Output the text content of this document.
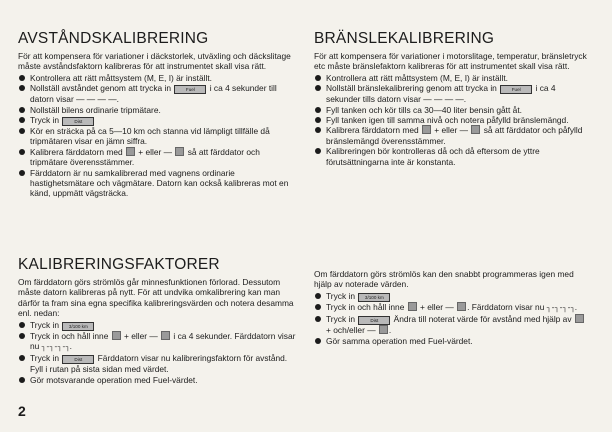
AVSTÅNDSKALIBRERING

För att kompensera för variationer i däckstorlek, utväxling och däckslitage måste avståndsfaktorn kalibreras för att instrumentet skall visa rätt.

Kontrollera att rätt måttsystem (M, E, I) är inställt.
Nollställ avståndet genom att trycka in	Fuel i ca 4 sekunder till datorn visar — — — —.
Nollställ bilens ordinarie tripmätare.
Tryck in	Dist
Kör en sträcka på ca 5—10 km och stanna vid lämpligt tillfälle då tripmätaren visar en jämn siffra.
Kalibrera färddatorn med + eller — så att färddator och tripmätare överensstämmer.
Färddatorn är nu samkalibrerad med vagnens ordinarie hastighetsmätare och vägmätare. Datorn kan också kalibreras mot en känd, uppmätt vägsträcka.
BRÄNSLEKALIBRERING

För att kompensera för variationer i motorslitage, temperatur, bränsletryck etc måste bränslefaktorn kalibreras för att instrumentet skall visa rätt.

Kontrollera att rätt måttsystem (M, E, I) är inställt.
Nollställ bränslekalibrering genom att trycka in	Fuel i ca 4 sekunder tills datorn visar — — — —.
Fyll tanken och kör tills ca 30—40 liter bensin gått åt.
Fyll tanken igen till samma nivå och notera påfylld bränslemängd.
Kalibrera färddatorn med + eller — så att färddator och påfylld bränslemängd överensstämmer.
Kalibreringen bör kontrolleras då och då eftersom de yttre förutsättningarna inte är konstanta.
KALIBRERINGSFAKTORER

Om färddatorn görs strömlös går minnesfunktionen förlorad. Dessutom måste datorn kalibreras på nytt. För att undvika omkalibrering kan man därför ta fram sina egna specifika kalibreringsvärden och notera desamma enl. nedan:

Tryck in 3/100 km
Tryck in och håll inne + eller — i ca 4 sekunder. Färddatorn visar nu ┐-┐-┐-┐.
Tryck in	Dist Färddatorn visar nu kalibreringsfaktorn för avstånd. Fyll i rutan på sista sidan med värdet.
Gör motsvarande operation med Fuel-värdet.

Om färddatorn görs strömlös kan den snabbt programmeras igen med hjälp av noterade värden.

Tryck in 3/100 km
Tryck in och håll inne + eller — . Färddatorn visar nu ┐-┐-┐-┐.
Tryck in	Dist Ändra till noterat värde för avstånd med hjälp av  + och/eller — .
Gör samma operation med Fuel-värdet.
2
